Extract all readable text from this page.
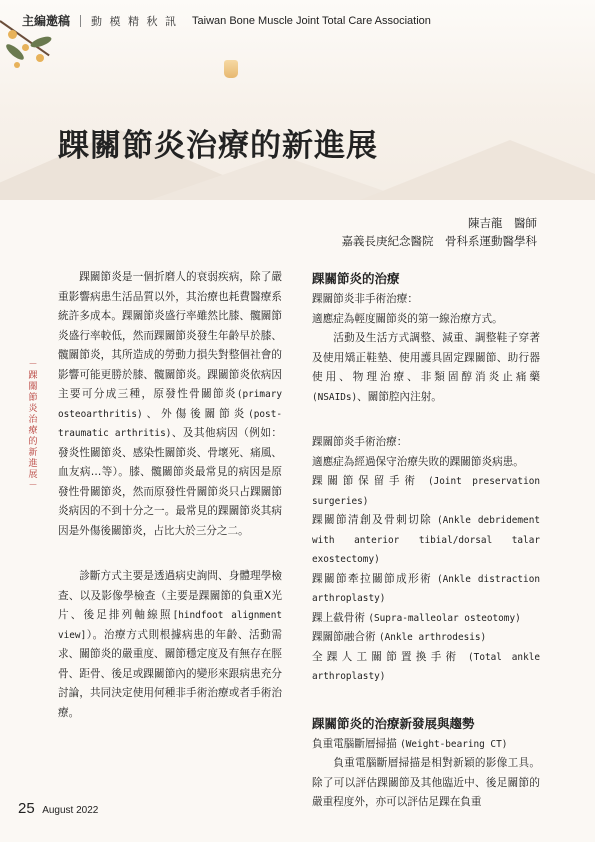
主編邀稿 動 模 精 秋 訊 Taiwan Bone Muscle Joint Total Care Association
踝關節炎治療的新進展
陳吉龍　醫師
嘉義長庚紀念醫院　骨科系運動醫學科
－ 踝關節炎治療的新進展 －

踝關節炎是一個折磨人的衰弱疾病，除了嚴重影響病患生活品質以外，其治療也耗費醫療系統許多成本。踝關節炎盛行率雖然比膝、髖關節炎盛行率較低，然而踝關節炎發生年齡早於膝、髖關節炎，其所造成的勞動力損失對整個社會的影響可能更勝於膝、髖關節炎。踝關節炎依病因主要可分成三種，原發性骨關節炎(primary osteoarthritis)、外傷後關節炎(post-traumatic arthritis)、及其他病因（例如：發炎性關節炎、感染性關節炎、骨壞死、痛風、血友病…等）。膝、髖關節炎最常見的病因是原發性骨關節炎，然而原發性骨關節炎只占踝關節炎病因的不到十分之一。最常見的踝關節炎其病因是外傷後關節炎，占比大於三分之二。

診斷方式主要是透過病史詢問、身體理學檢查、以及影像學檢查（主要是踝關節的負重X光片、後足排列軸線照[hindfoot alignment view]）。治療方式則根據病患的年齡、活動需求、關節炎的嚴重度、關節穩定度及有無存在脛骨、距骨、後足或踝關節內的變形來跟病患充分討論，共同決定使用何種非手術治療或者手術治療。

踝關節炎的治療

踝關節炎非手術治療：

適應症為輕度關節炎的第一線治療方式。

活動及生活方式調整、減重、調整鞋子穿著及使用矯正鞋墊、使用護具固定踝關節、助行器使用、物理治療、非類固醇消炎止痛藥(NSAIDs)、關節腔內注射。

踝關節炎手術治療：

適應症為經過保守治療失敗的踝關節炎病患。

踝關節保留手術 (Joint preservation surgeries)

踝關節清創及骨刺切除 (Ankle debridement with anterior tibial/dorsal talar exostectomy)

踝關節牽拉關節成形術 (Ankle distraction arthroplasty)

踝上截骨術 (Supra-malleolar osteotomy)

踝關節融合術 (Ankle arthrodesis)

全踝人工關節置換手術 (Total ankle arthroplasty)

踝關節炎的治療新發展與趨勢

負重電腦斷層掃描 (Weight-bearing CT)

負重電腦斷層掃描是相對新穎的影像工具。除了可以評估踝關節及其他臨近中、後足關節的嚴重程度外，亦可以評估足踝在負重

25 August 2022
